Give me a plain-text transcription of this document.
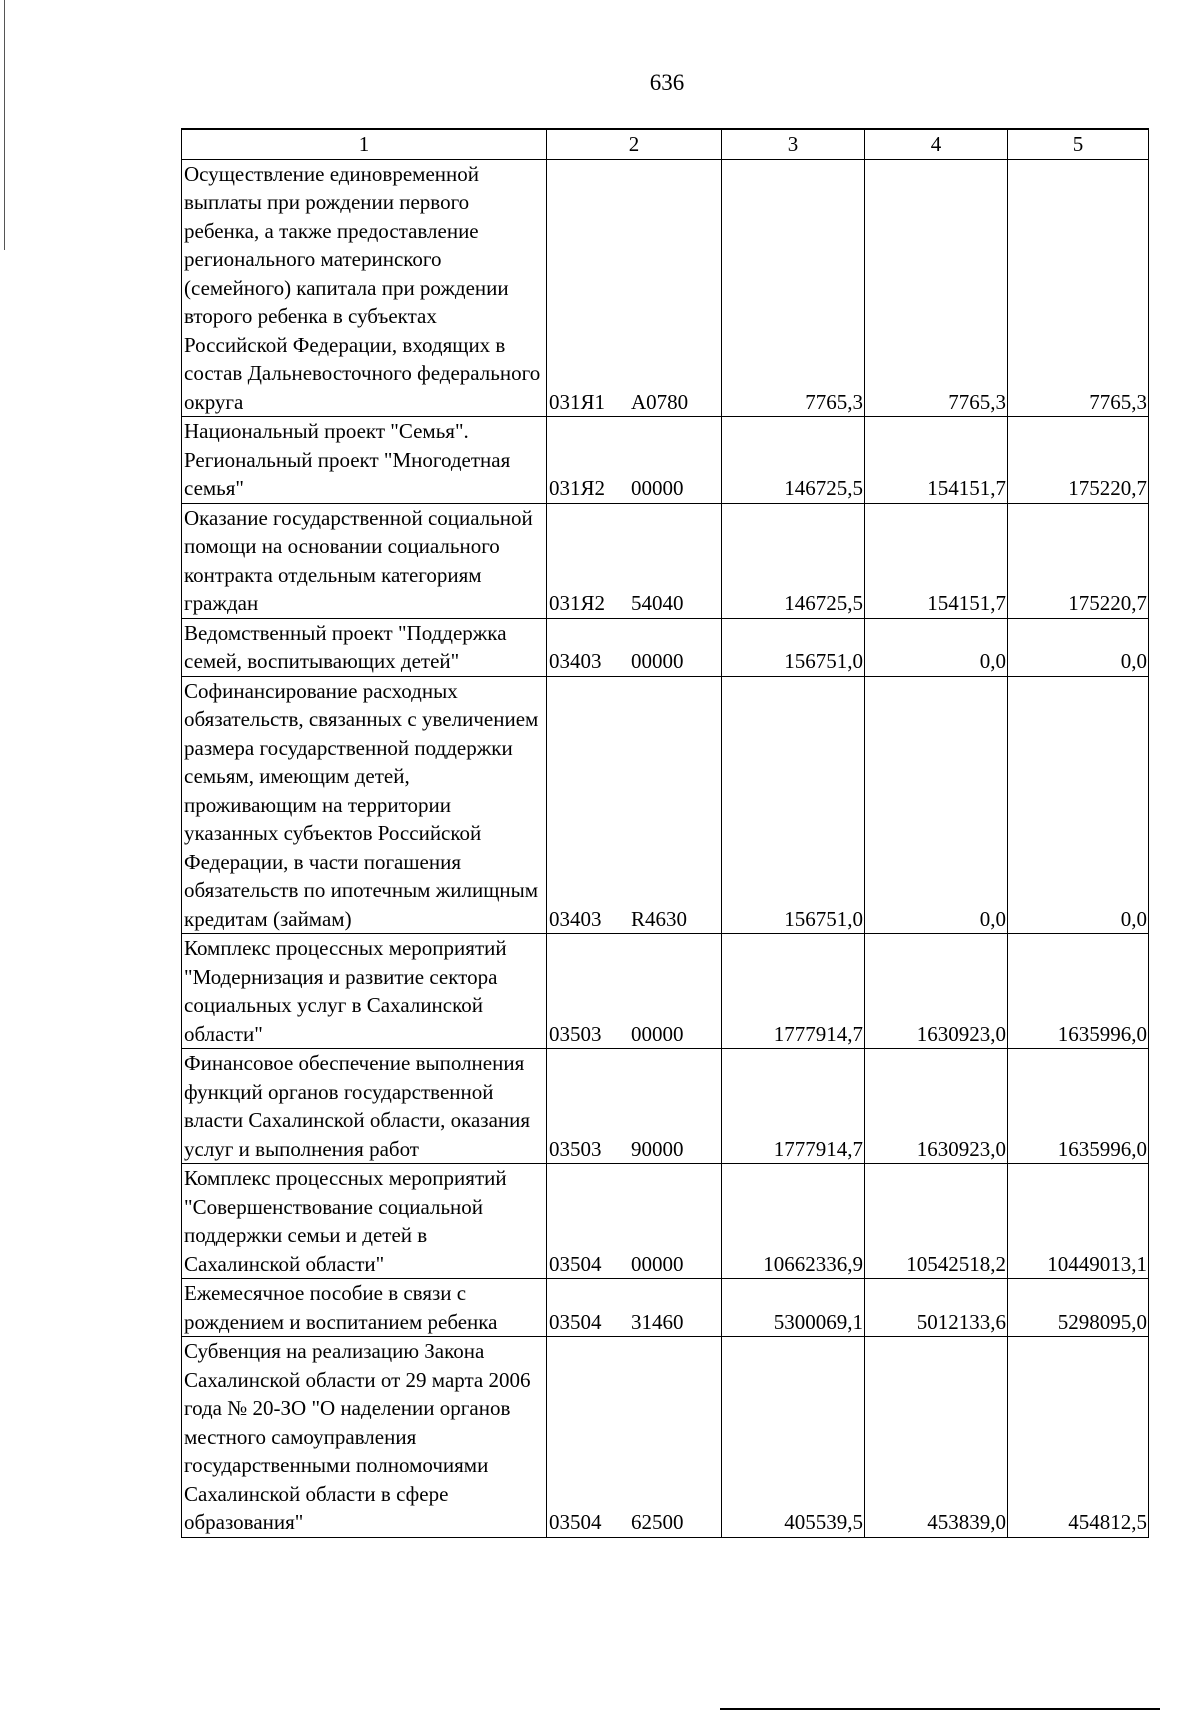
636
1	2	3	4	5
Осуществление единовременной выплаты при рождении первого ребенка, а также предоставление регионального материнского (семейного) капитала при рождении второго ребенка в субъектах Российской Федерации, входящих в состав Дальневосточного федерального округа	031Я1 А0780	7765,3	7765,3	7765,3
Национальный проект "Семья". Региональный проект "Многодетная семья"	031Я2 00000	146725,5	154151,7	175220,7
Оказание государственной социальной помощи на основании социального контракта отдельным категориям граждан	031Я2 54040	146725,5	154151,7	175220,7
Ведомственный проект "Поддержка семей, воспитывающих детей"	03403 00000	156751,0	0,0	0,0
Софинансирование расходных обязательств, связанных с увеличением размера государственной поддержки семьям, имеющим детей, проживающим на территории указанных субъектов Российской Федерации, в части погашения обязательств по ипотечным жилищным кредитам (займам)	03403 R4630	156751,0	0,0	0,0
Комплекс процессных мероприятий "Модернизация и развитие сектора социальных услуг в Сахалинской области"	03503 00000	1777914,7	1630923,0	1635996,0
Финансовое обеспечение выполнения функций органов государственной власти Сахалинской области, оказания услуг и выполнения работ	03503 90000	1777914,7	1630923,0	1635996,0
Комплекс процессных мероприятий "Совершенствование социальной поддержки семьи и детей в Сахалинской области"	03504 00000	10662336,9	10542518,2	10449013,1
Ежемесячное пособие в связи с рождением и воспитанием ребенка	03504 31460	5300069,1	5012133,6	5298095,0
Субвенция на реализацию Закона Сахалинской области от 29 марта 2006 года № 20-ЗО "О наделении органов местного самоуправления государственными полномочиями Сахалинской области в сфере образования"	03504 62500	405539,5	453839,0	454812,5
